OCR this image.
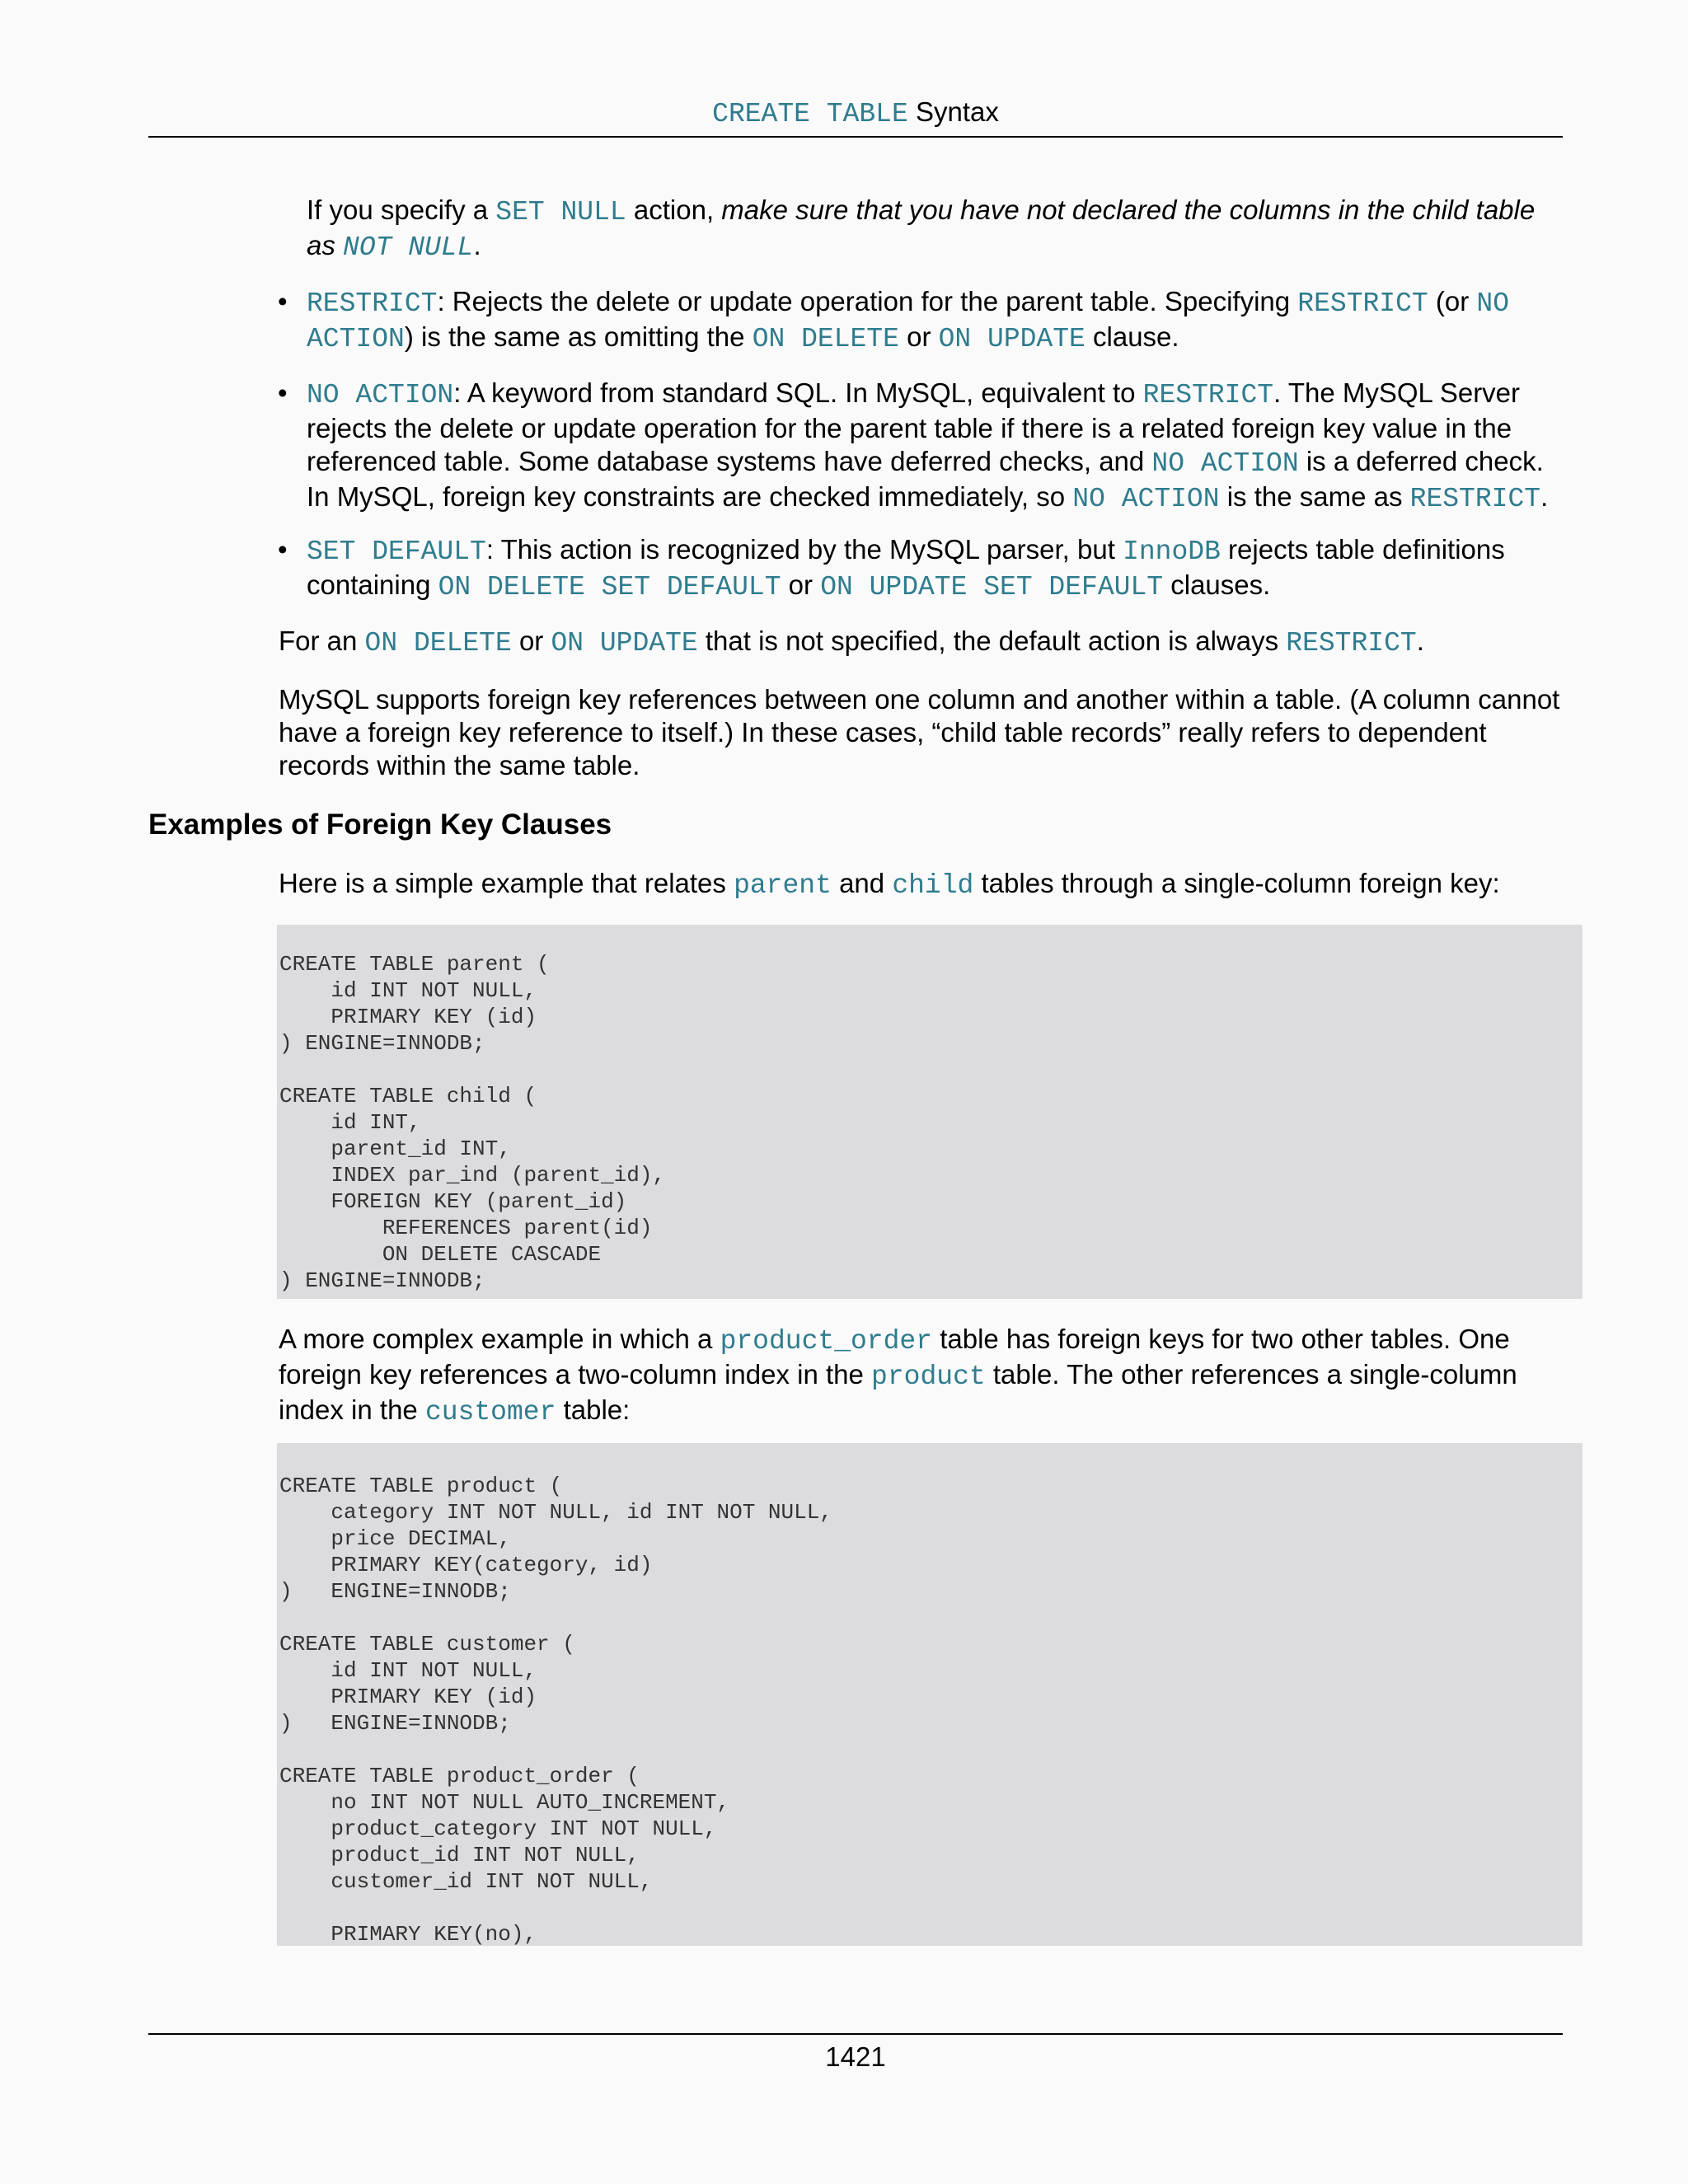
CREATE TABLE Syntax
If you specify a SET NULL action, make sure that you have not declared the columns in the child table as NOT NULL.
• RESTRICT: Rejects the delete or update operation for the parent table. Specifying RESTRICT (or NO ACTION) is the same as omitting the ON DELETE or ON UPDATE clause.
• NO ACTION: A keyword from standard SQL. In MySQL, equivalent to RESTRICT. The MySQL Server rejects the delete or update operation for the parent table if there is a related foreign key value in the referenced table. Some database systems have deferred checks, and NO ACTION is a deferred check. In MySQL, foreign key constraints are checked immediately, so NO ACTION is the same as RESTRICT.
• SET DEFAULT: This action is recognized by the MySQL parser, but InnoDB rejects table definitions containing ON DELETE SET DEFAULT or ON UPDATE SET DEFAULT clauses.
For an ON DELETE or ON UPDATE that is not specified, the default action is always RESTRICT.
MySQL supports foreign key references between one column and another within a table. (A column cannot have a foreign key reference to itself.) In these cases, “child table records” really refers to dependent records within the same table.
Examples of Foreign Key Clauses
Here is a simple example that relates parent and child tables through a single-column foreign key:
CREATE TABLE parent (
id INT NOT NULL,
PRIMARY KEY (id)
) ENGINE=INNODB;

CREATE TABLE child (
id INT,
parent_id INT,
INDEX par_ind (parent_id),
FOREIGN KEY (parent_id)
REFERENCES parent(id)
ON DELETE CASCADE
) ENGINE=INNODB;
A more complex example in which a product_order table has foreign keys for two other tables. One foreign key references a two-column index in the product table. The other references a single-column index in the customer table:
CREATE TABLE product (
category INT NOT NULL, id INT NOT NULL,
price DECIMAL,
PRIMARY KEY(category, id)
)   ENGINE=INNODB;

CREATE TABLE customer (
id INT NOT NULL,
PRIMARY KEY (id)
)   ENGINE=INNODB;

CREATE TABLE product_order (
no INT NOT NULL AUTO_INCREMENT,
product_category INT NOT NULL,
product_id INT NOT NULL,
customer_id INT NOT NULL,

PRIMARY KEY(no),
1421
